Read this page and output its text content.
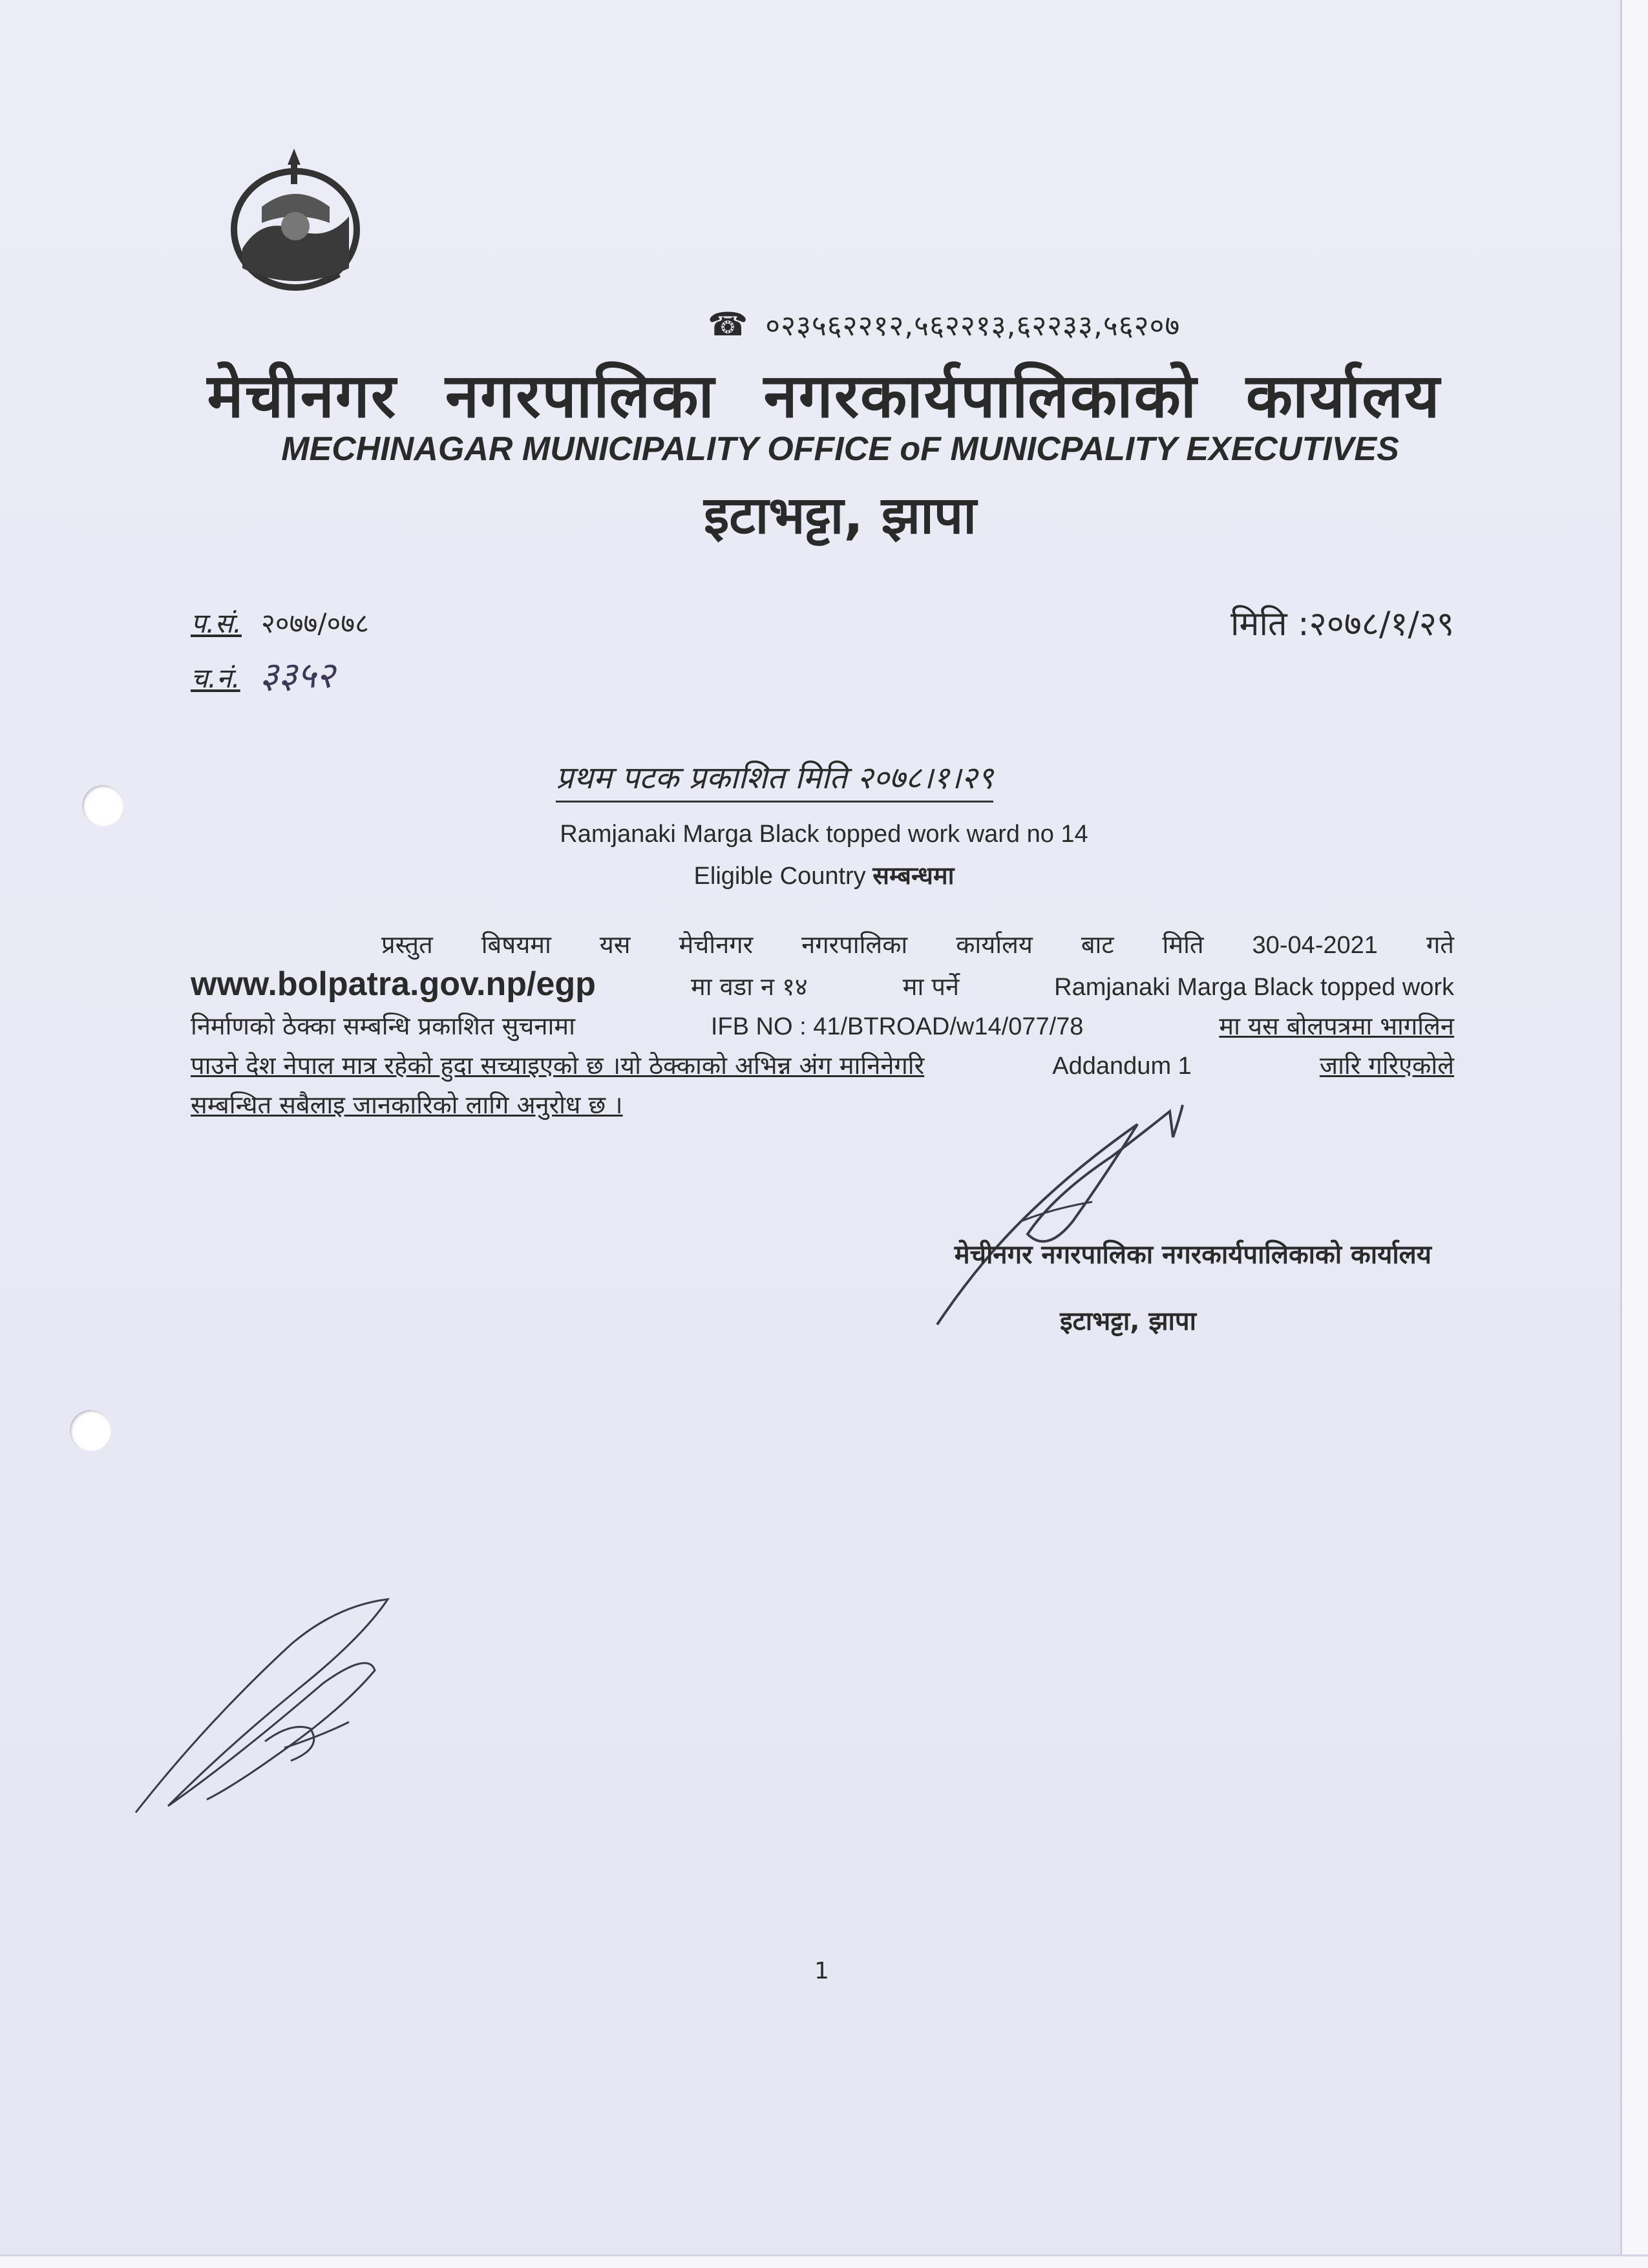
☎ ०२३५६२२१२,५६२२१३,६२२३३,५६२०७
मेचीनगर नगरपालिका नगरकार्यपालिकाको कार्यालय
MECHINAGAR MUNICIPALITY OFFICE oF MUNICPALITY EXECUTIVES
इटाभट्टा, झापा
प.सं. २०७७/०७८
च.नं. ३३५२
मिति :२०७८/१/२९
प्रथम पटक प्रकाशित मिति २०७८।१।२९
Ramjanaki Marga Black topped work ward no 14
Eligible Country सम्बन्धमा
प्रस्तुत बिषयमा यस मेचीनगर नगरपालिका कार्यालय बाट मिति 30-04-2021 गते
www.bolpatra.gov.np/egp	मा वडा न १४	मा पर्ने	Ramjanaki Marga Black topped work
निर्माणको ठेक्का सम्बन्धि प्रकाशित सुचनामा	IFB NO : 41/BTROAD/w14/077/78	मा यस बोलपत्रमा भागलिन
पाउने देश नेपाल मात्र रहेको हुदा सच्याइएको छ ।यो ठेक्काको अभिन्न अंग मानिनेगरि	Addandum 1	जारि गरिएकोले
सम्बन्धित सबैलाइ जानकारिको लागि अनुरोध छ ।
मेचीनगर नगरपालिका नगरकार्यपालिकाको कार्यालय
इटाभट्टा, झापा
1
